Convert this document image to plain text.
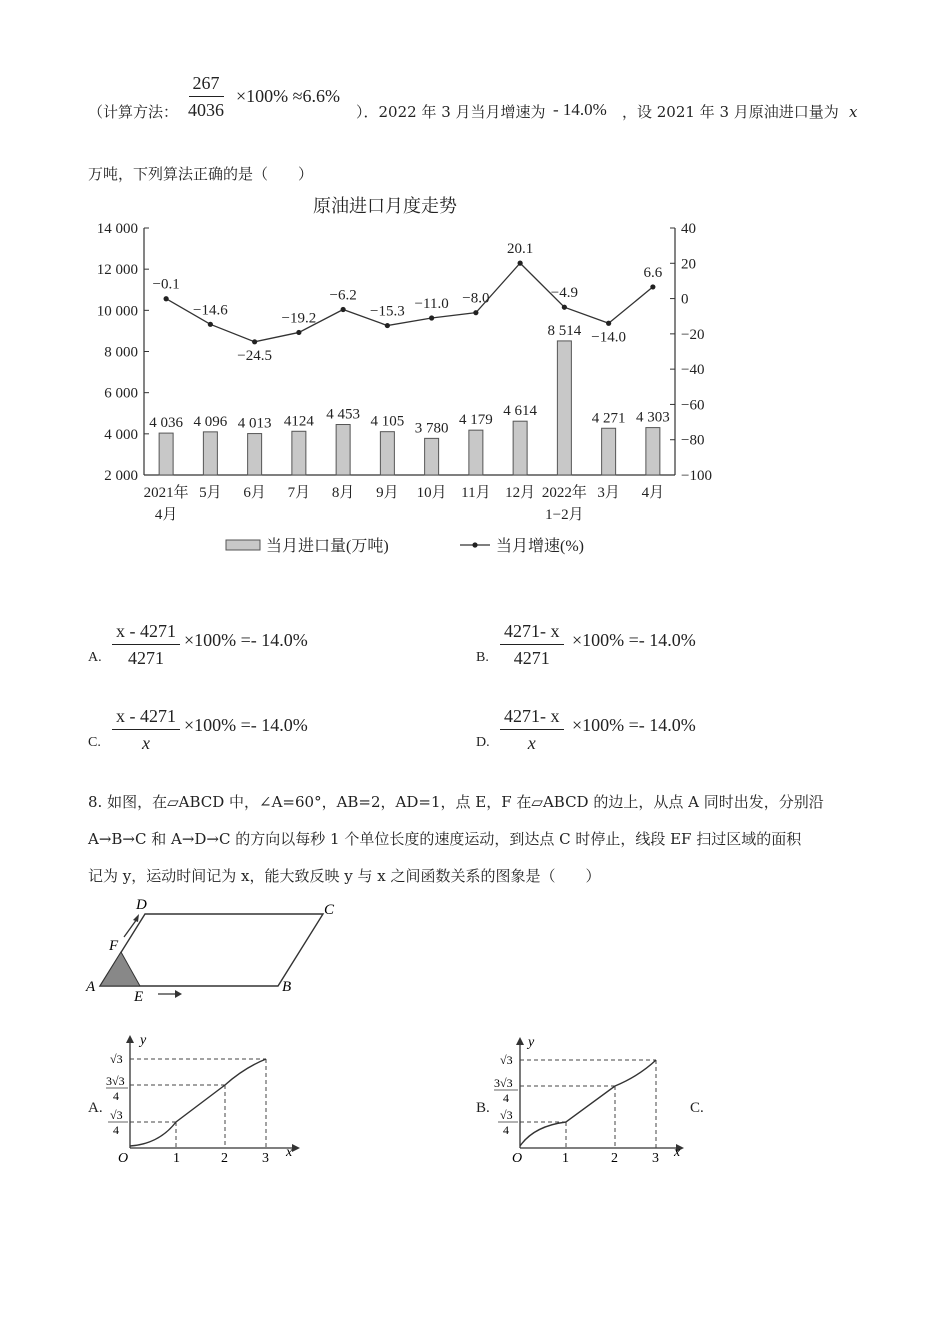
（计算方法： $\frac{267}{4036} \times 100\% \approx 6.6\%$
）．2022 年 3 月当月增速为 - 14.0% ，设 2021 年 3 月原油进口量为 x
万吨，下列算法正确的是（　　）
原油进口月度走势
14 000
12 000
10 000
8 000
6 000
4 000
2 000
40
20
0
−20
−40
−60
−80
−100
4 036 4 096 4 013 4124 4 453 4 105 3 780
4 179
4 614
8 514
4 271 4 303
−0.1
−14.6
−24.5
−19.2
−6.2
−15.3 −11.0 −8.0
20.1
−4.9
−14.0
6.6
2021年
4月
5月 6月 7月 8月 9月 10月 11月 12月 2022年
1−2月
3月 4月
当月进口量(万吨)	当月增速(%)
A. $\frac{x - 4271}{4271} \times 100\% =- 14.0\%$
B. $\frac{4271- x}{4271} \times 100\% =- 14.0\%$
C. $\frac{x - 4271}{x} \times 100\% =- 14.0\%$
D. $\frac{4271- x}{x} \times 100\% =- 14.0\%$
8. 如图，在▱ABCD 中，∠A=60°，AB=2，AD=1，点 E，F 在▱ABCD 的边上，从点 A 同时出发，分别沿
A→B→C 和 A→D→C 的方向以每秒 1 个单位长度的速度运动，到达点 C 时停止，线段 EF 扫过区域的面积
记为 y，运动时间记为 x，能大致反映 y 与 x 之间函数关系的图象是（　　）
A	B
C
D
E
F
A.
y
x
O	1	2 3
√3
3√3
4
√3
4
B.
y
x
O	1	2 3
√3
3√3
4
√3
4
C.
